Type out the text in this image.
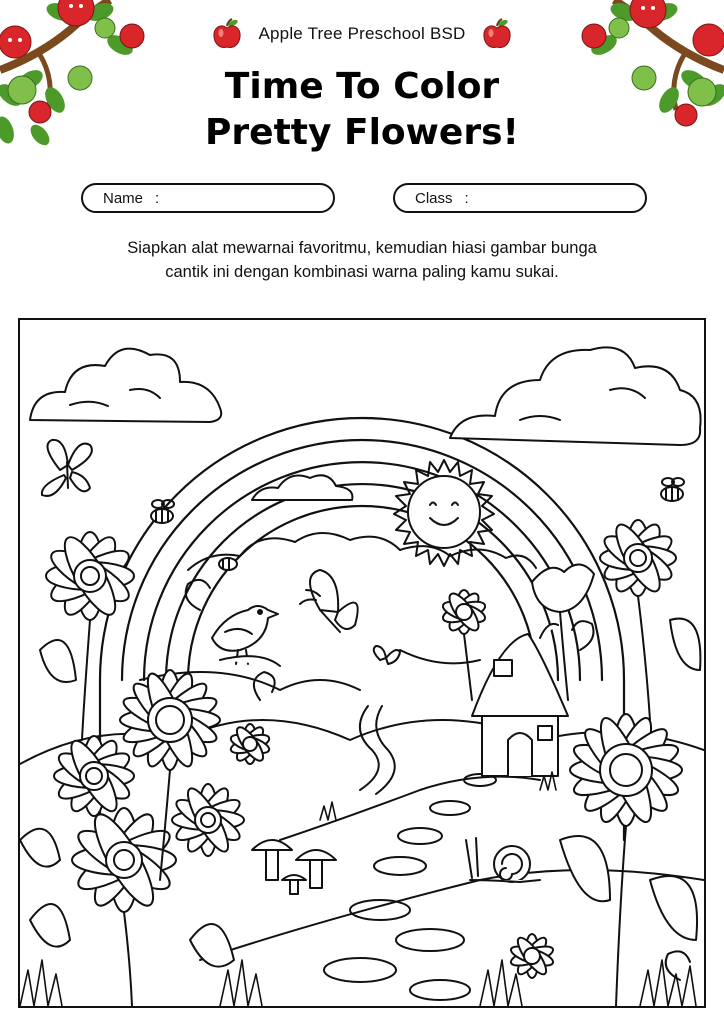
Apple Tree Preschool BSD
Time To Color
Pretty Flowers!
Name :	Class :
Siapkan alat mewarnai favoritmu, kemudian hiasi gambar bunga
cantik ini dengan kombinasi warna paling kamu sukai.
